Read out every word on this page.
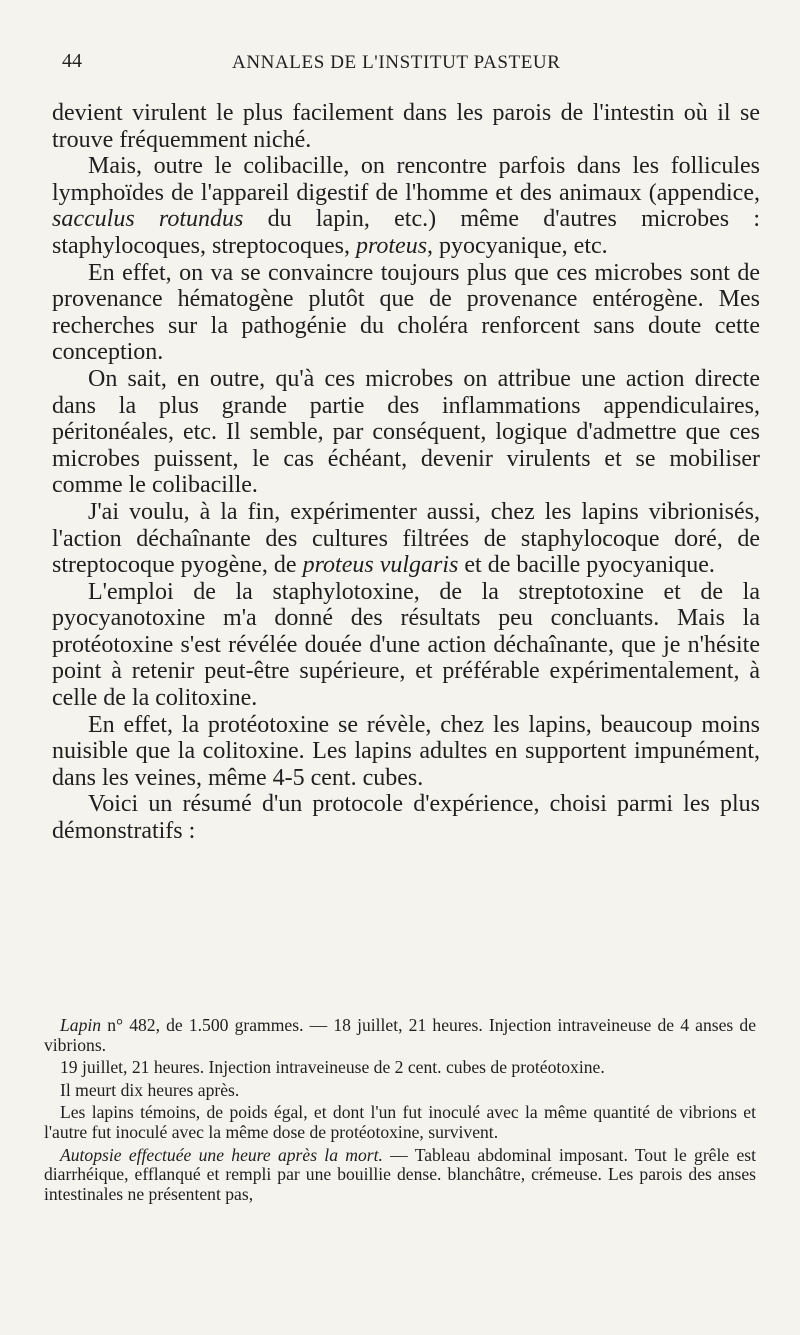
44	ANNALES DE L'INSTITUT PASTEUR

devient virulent le plus facilement dans les parois de l'intestin où il se trouve fréquemment niché.

Mais, outre le colibacille, on rencontre parfois dans les follicules lymphoïdes de l'appareil digestif de l'homme et des animaux (appendice, sacculus rotundus du lapin, etc.) même d'autres microbes : staphylocoques, streptocoques, proteus, pyocyanique, etc.

En effet, on va se convaincre toujours plus que ces microbes sont de provenance hématogène plutôt que de provenance entérogène. Mes recherches sur la pathogénie du choléra renforcent sans doute cette conception.

On sait, en outre, qu'à ces microbes on attribue une action directe dans la plus grande partie des inflammations appendiculaires, péritonéales, etc. Il semble, par conséquent, logique d'admettre que ces microbes puissent, le cas échéant, devenir virulents et se mobiliser comme le colibacille.

J'ai voulu, à la fin, expérimenter aussi, chez les lapins vibrionisés, l'action déchaînante des cultures filtrées de staphylocoque doré, de streptocoque pyogène, de proteus vulgaris et de bacille pyocyanique.

L'emploi de la staphylotoxine, de la streptotoxine et de la pyocyanotoxine m'a donné des résultats peu concluants. Mais la protéotoxine s'est révélée douée d'une action déchaînante, que je n'hésite point à retenir peut-être supérieure, et préférable expérimentalement, à celle de la colitoxine.

En effet, la protéotoxine se révèle, chez les lapins, beaucoup moins nuisible que la colitoxine. Les lapins adultes en supportent impunément, dans les veines, même 4-5 cent. cubes.

Voici un résumé d'un protocole d'expérience, choisi parmi les plus démonstratifs :

Lapin n° 482, de 1.500 grammes. — 18 juillet, 21 heures. Injection intraveineuse de 4 anses de vibrions.

19 juillet, 21 heures. Injection intraveineuse de 2 cent. cubes de protéotoxine.

Il meurt dix heures après.

Les lapins témoins, de poids égal, et dont l'un fut inoculé avec la même quantité de vibrions et l'autre fut inoculé avec la même dose de protéotoxine, survivent.

Autopsie effectuée une heure après la mort. — Tableau abdominal imposant. Tout le grêle est diarrhéique, efflanqué et rempli par une bouillie dense. blanchâtre, crémeuse. Les parois des anses intestinales ne présentent pas,
